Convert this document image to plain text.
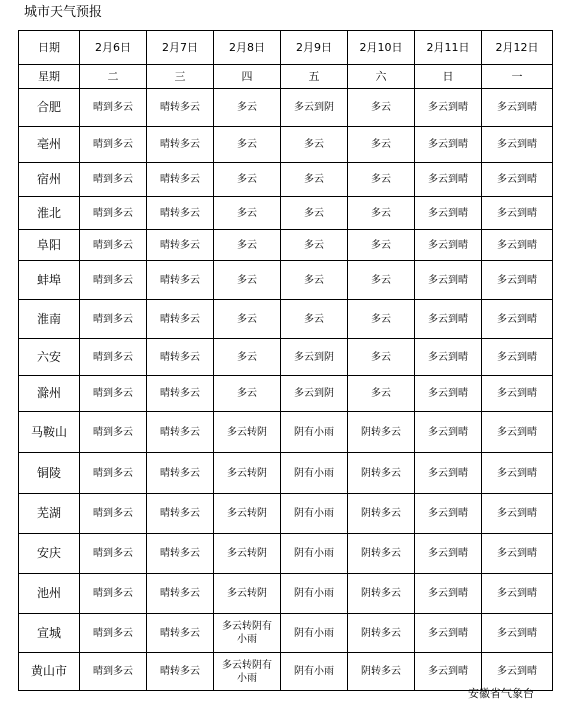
城市天气预报
日期	2月6日	2月7日	2月8日	2月9日	2月10日	2月11日	2月12日
星期	二	三	四	五	六	日	一
合肥	晴到多云	晴转多云	多云	多云到阴	多云	多云到晴	多云到晴
亳州	晴到多云	晴转多云	多云	多云	多云	多云到晴	多云到晴
宿州	晴到多云	晴转多云	多云	多云	多云	多云到晴	多云到晴
淮北	晴到多云	晴转多云	多云	多云	多云	多云到晴	多云到晴
阜阳	晴到多云	晴转多云	多云	多云	多云	多云到晴	多云到晴
蚌埠	晴到多云	晴转多云	多云	多云	多云	多云到晴	多云到晴
淮南	晴到多云	晴转多云	多云	多云	多云	多云到晴	多云到晴
六安	晴到多云	晴转多云	多云	多云到阴	多云	多云到晴	多云到晴
滁州	晴到多云	晴转多云	多云	多云到阴	多云	多云到晴	多云到晴
马鞍山	晴到多云	晴转多云	多云转阴	阴有小雨	阴转多云	多云到晴	多云到晴
铜陵	晴到多云	晴转多云	多云转阴	阴有小雨	阴转多云	多云到晴	多云到晴
芜湖	晴到多云	晴转多云	多云转阴	阴有小雨	阴转多云	多云到晴	多云到晴
安庆	晴到多云	晴转多云	多云转阴	阴有小雨	阴转多云	多云到晴	多云到晴
池州	晴到多云	晴转多云	多云转阴	阴有小雨	阴转多云	多云到晴	多云到晴
宣城	晴到多云	晴转多云	多云转阴有小雨	阴有小雨	阴转多云	多云到晴	多云到晴
黄山市	晴到多云	晴转多云	多云转阴有小雨	阴有小雨	阴转多云	多云到晴	多云到晴
安徽省气象台
